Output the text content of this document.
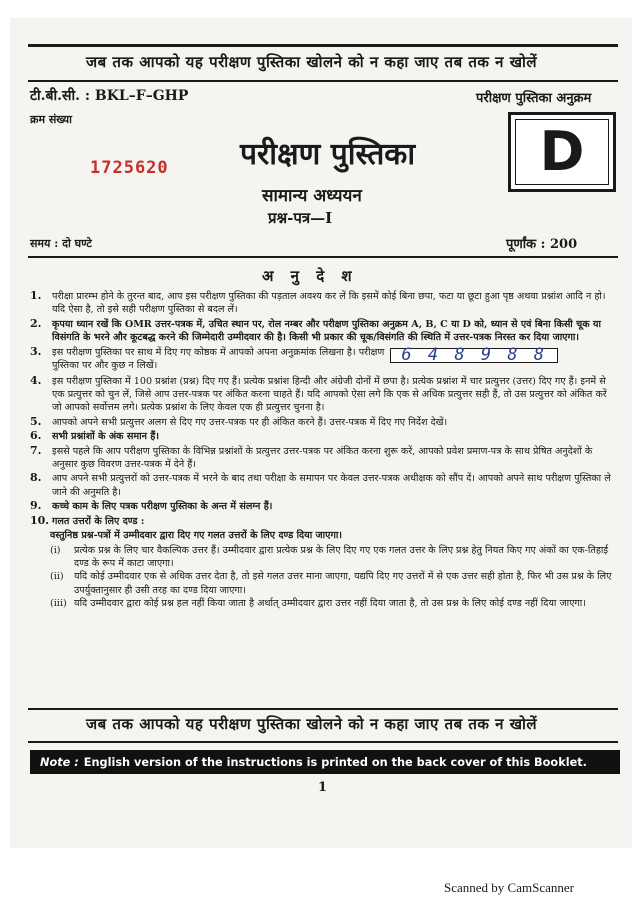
जब तक आपको यह परीक्षण पुस्तिका खोलने को न कहा जाए तब तक न खोलें
टी.बी.सी. : BKL–F–GHP	परीक्षण पुस्तिका अनुक्रम
क्रम संख्या
1725620	D
परीक्षण पुस्तिका
सामान्य अध्ययन
प्रश्न-पत्र—I
समय : दो घण्टे	पूर्णांक : 200
अ नु दे श
1. परीक्षा प्रारम्भ होने के तुरन्त बाद, आप इस परीक्षण पुस्तिका की पड़ताल अवश्य कर लें कि इसमें कोई बिना छपा, फटा या छूटा हुआ पृष्ठ अथवा प्रश्नांश आदि न हो। यदि ऐसा है, तो इसे सही परीक्षण पुस्तिका से बदल लें।
2. कृपया ध्यान रखें कि OMR उत्तर-पत्रक में, उचित स्थान पर, रोल नम्बर और परीक्षण पुस्तिका अनुक्रम A, B, C या D को, ध्यान से एवं बिना किसी चूक या विसंगति के भरने और कूटबद्ध करने की जिम्मेदारी उम्मीदवार की है। किसी भी प्रकार की चूक/विसंगति की स्थिति में उत्तर-पत्रक निरस्त कर दिया जाएगा।
3. इस परीक्षण पुस्तिका पर साथ में दिए गए कोष्ठक में आपको अपना अनुक्रमांक लिखना है। परीक्षण पुस्तिका पर और कुछ न लिखें।
6 4 8 9 8 8
4. इस परीक्षण पुस्तिका में 100 प्रश्नांश (प्रश्न) दिए गए हैं। प्रत्येक प्रश्नांश हिन्दी और अंग्रेजी दोनों में छपा है। प्रत्येक प्रश्नांश में चार प्रत्युत्तर (उत्तर) दिए गए हैं। इनमें से एक प्रत्युत्तर को चुन लें, जिसे आप उत्तर-पत्रक पर अंकित करना चाहते हैं। यदि आपको ऐसा लगे कि एक से अधिक प्रत्युत्तर सही हैं, तो उस प्रत्युत्तर को अंकित करें जो आपको सर्वोत्तम लगे। प्रत्येक प्रश्नांश के लिए केवल एक ही प्रत्युत्तर चुनना है।
5. आपको अपने सभी प्रत्युत्तर अलग से दिए गए उत्तर-पत्रक पर ही अंकित करने हैं। उत्तर-पत्रक में दिए गए निर्देश देखें।
6. सभी प्रश्नांशों के अंक समान हैं।
7. इससे पहले कि आप परीक्षण पुस्तिका के विभिन्न प्रश्नांशों के प्रत्युत्तर उत्तर-पत्रक पर अंकित करना शुरू करें, आपको प्रवेश प्रमाण-पत्र के साथ प्रेषित अनुदेशों के अनुसार कुछ विवरण उत्तर-पत्रक में देने हैं।
8. आप अपने सभी प्रत्युत्तरों को उत्तर-पत्रक में भरने के बाद तथा परीक्षा के समापन पर केवल उत्तर-पत्रक अधीक्षक को सौंप दें। आपको अपने साथ परीक्षण पुस्तिका ले जाने की अनुमति है।
9. कच्चे काम के लिए पत्रक परीक्षण पुस्तिका के अन्त में संलग्न हैं।
10. गलत उत्तरों के लिए दण्ड :
वस्तुनिष्ठ प्रश्न-पत्रों में उम्मीदवार द्वारा दिए गए गलत उत्तरों के लिए दण्ड दिया जाएगा।
(i) प्रत्येक प्रश्न के लिए चार वैकल्पिक उत्तर हैं। उम्मीदवार द्वारा प्रत्येक प्रश्न के लिए दिए गए एक गलत उत्तर के लिए प्रश्न हेतु नियत किए गए अंकों का एक-तिहाई दण्ड के रूप में काटा जाएगा।
(ii) यदि कोई उम्मीदवार एक से अधिक उत्तर देता है, तो इसे गलत उत्तर माना जाएगा, यद्यपि दिए गए उत्तरों में से एक उत्तर सही होता है, फिर भी उस प्रश्न के लिए उपर्युक्तानुसार ही उसी तरह का दण्ड दिया जाएगा।
(iii) यदि उम्मीदवार द्वारा कोई प्रश्न हल नहीं किया जाता है अर्थात् उम्मीदवार द्वारा उत्तर नहीं दिया जाता है, तो उस प्रश्न के लिए कोई दण्ड नहीं दिया जाएगा।
जब तक आपको यह परीक्षण पुस्तिका खोलने को न कहा जाए तब तक न खोलें
Note : English version of the instructions is printed on the back cover of this Booklet.
1
Scanned by CamScanner
